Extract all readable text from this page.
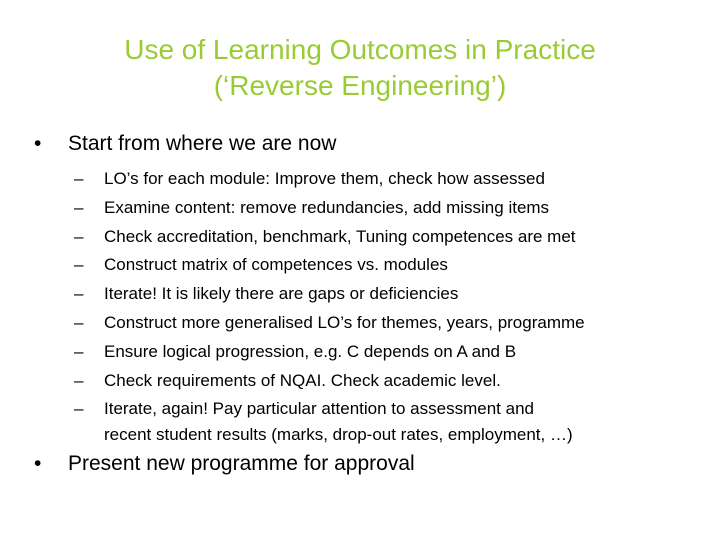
Use of Learning Outcomes in Practice
(‘Reverse Engineering’)
• Start from where we are now
– LO’s for each module: Improve them, check how assessed
– Examine content: remove redundancies, add missing items
– Check accreditation, benchmark, Tuning competences are met
– Construct matrix of competences vs. modules
– Iterate! It is likely there are gaps or deficiencies
– Construct more generalised LO’s for themes, years, programme
– Ensure logical progression, e.g. C depends on A and B
– Check requirements of NQAI. Check academic level.
– Iterate, again! Pay particular attention to assessment and
recent student results (marks, drop-out rates, employment, …)
• Present new programme for approval
